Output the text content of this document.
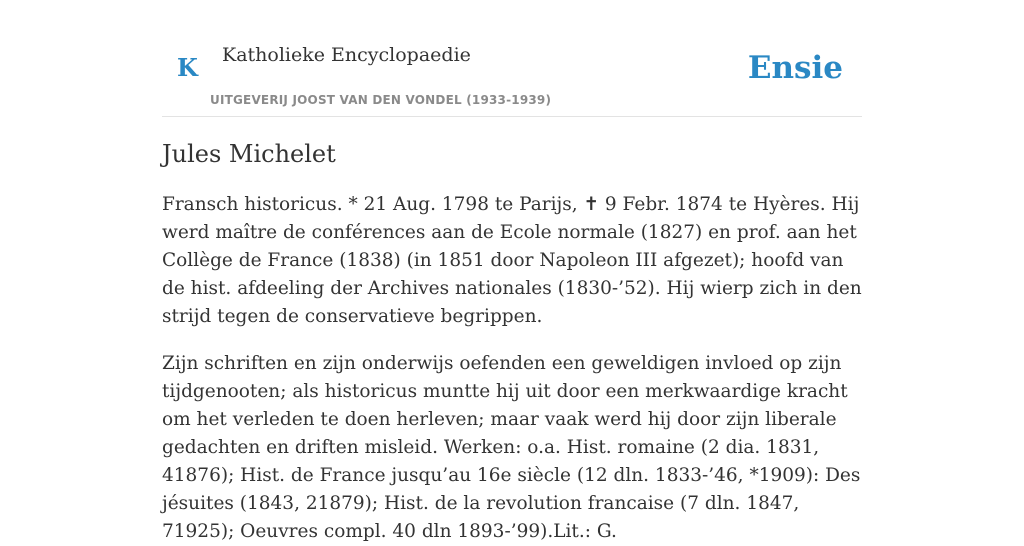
K Katholieke Encyclopaedie
UITGEVERIJ JOOST VAN DEN VONDEL (1933-1939)
Ensie
Jules Michelet

Fransch historicus. * 21 Aug. 1798 te Parijs, ✝ 9 Febr. 1874 te Hyères. Hij werd maître de conférences aan de Ecole normale (1827) en prof. aan het Collège de France (1838) (in 1851 door Napoleon III afgezet); hoofd van de hist. afdeeling der Archives nationales (1830-’52). Hij wierp zich in den strijd tegen de conservatieve begrippen.

Zijn schriften en zijn onderwijs oefenden een geweldigen invloed op zijn tijdgenooten; als historicus muntte hij uit door een merkwaardige kracht om het verleden te doen herleven; maar vaak werd hij door zijn liberale gedachten en driften misleid. Werken: o.a. Hist. romaine (2 dia. 1831, 41876); Hist. de France jusqu’au 16e siècle (12 dln. 1833-’46, *1909): Des jésuites (1843, 21879); Hist. de la revolution francaise (7 dln. 1847, 71925); Oeuvres compl. 40 dln 1893-’99).Lit.: G.
